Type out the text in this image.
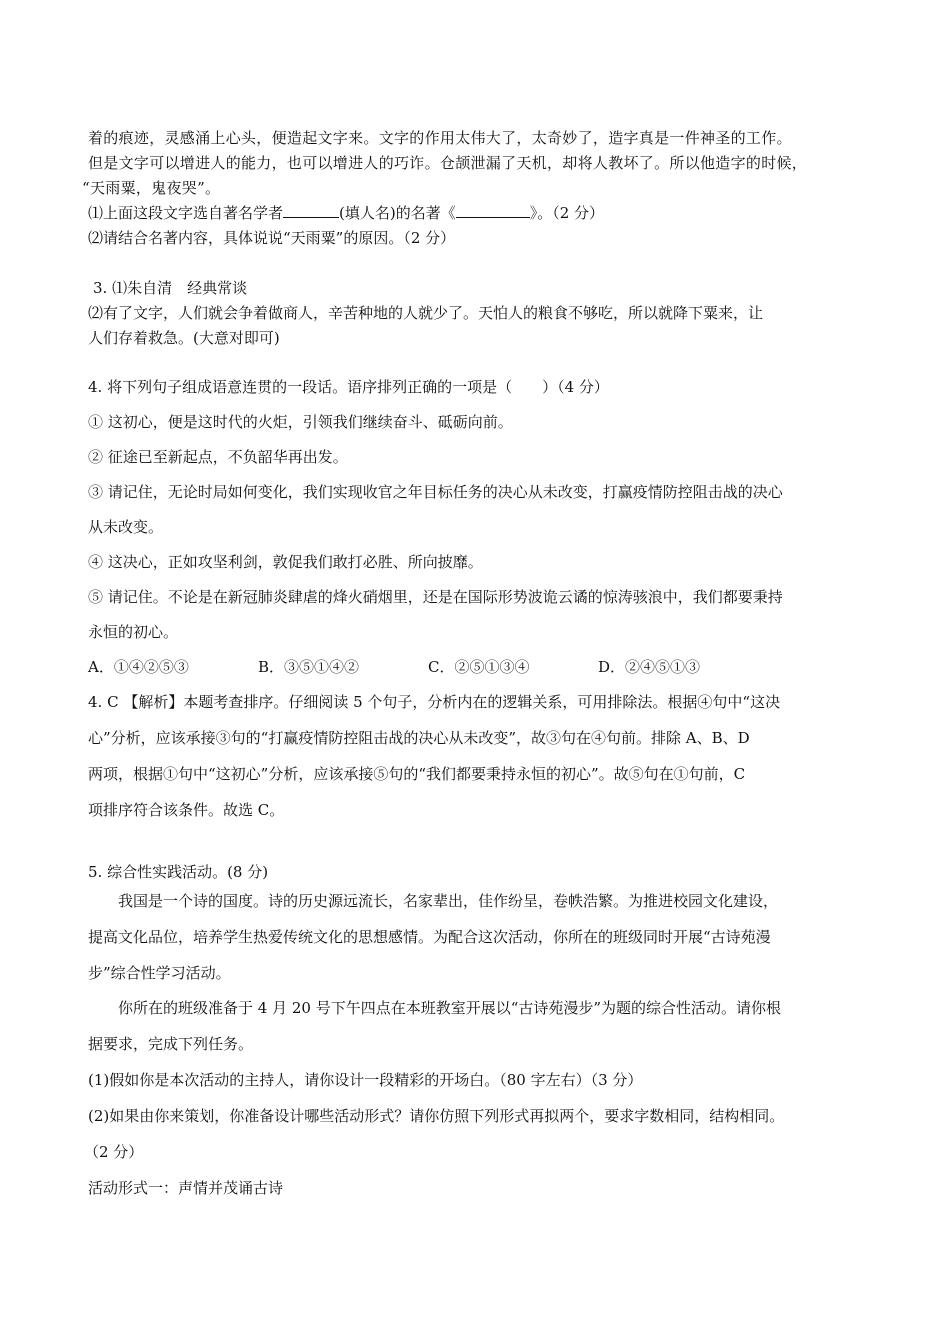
着的痕迹，灵感涌上心头，便造起文字来。文字的作用太伟大了，太奇妙了，造字真是一件神圣的工作。
但是文字可以增进人的能力，也可以增进人的巧诈。仓颉泄漏了天机，却将人教坏了。所以他造字的时候，
“天雨粟，鬼夜哭”。
⑴上面这段文字选自著名学者	(填人名)的名著《	》。（2 分）
⑵请结合名著内容，具体说说“天雨粟”的原因。（2 分）
3. ⑴朱自清　经典常谈
⑵有了文字，人们就会争着做商人，辛苦种地的人就少了。天怕人的粮食不够吃，所以就降下粟来，让
人们存着救急。(大意对即可)
4. 将下列句子组成语意连贯的一段话。语序排列正确的一项是（　　）（4 分）
① 这初心，便是这时代的火炬，引领我们继续奋斗、砥砺向前。
② 征途已至新起点，不负韶华再出发。
③ 请记住，无论时局如何变化，我们实现收官之年目标任务的决心从未改变，打赢疫情防控阻击战的决心
从未改变。
④ 这决心，正如攻坚利剑，敦促我们敢打必胜、所向披靡。
⑤ 请记住。不论是在新冠肺炎肆虐的烽火硝烟里，还是在国际形势波诡云谲的惊涛骇浪中，我们都要秉持
永恒的初心。
A．①④②⑤③	B．③⑤①④②	C．②⑤①③④	D．②④⑤①③
4. C 【解析】本题考查排序。仔细阅读 5 个句子，分析内在的逻辑关系，可用排除法。根据④句中“这决
心”分析，应该承接③句的“打赢疫情防控阻击战的决心从未改变”，故③句在④句前。排除 A、B、D
两项，根据①句中“这初心”分析，应该承接⑤句的“我们都要秉持永恒的初心”。故⑤句在①句前，C
项排序符合该条件。故选 C。
5. 综合性实践活动。(8 分)
我国是一个诗的国度。诗的历史源远流长，名家辈出，佳作纷呈，卷帙浩繁。为推进校园文化建设，
提高文化品位，培养学生热爱传统文化的思想感情。为配合这次活动，你所在的班级同时开展“古诗苑漫
步”综合性学习活动。
你所在的班级准备于 4 月 20 号下午四点在本班教室开展以“古诗苑漫步”为题的综合性活动。请你根
据要求，完成下列任务。
(1)假如你是本次活动的主持人，请你设计一段精彩的开场白。（80 字左右）（3 分）
(2)如果由你来策划，你准备设计哪些活动形式？请你仿照下列形式再拟两个，要求字数相同，结构相同。
（2 分）
活动形式一：声情并茂诵古诗
